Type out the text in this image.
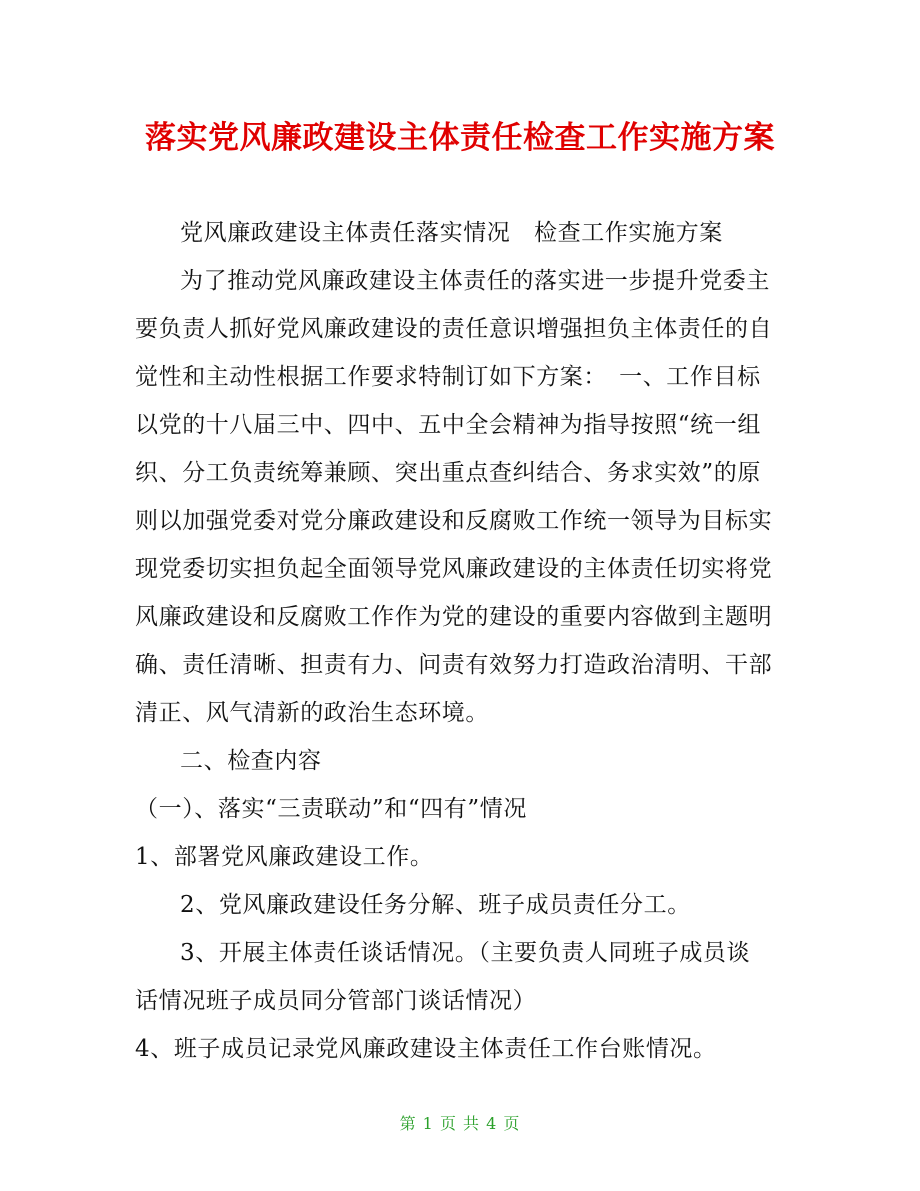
落实党风廉政建设主体责任检查工作实施方案
党风廉政建设主体责任落实情况　检查工作实施方案
为了推动党风廉政建设主体责任的落实进一步提升党委主
要负责人抓好党风廉政建设的责任意识增强担负主体责任的自
觉性和主动性根据工作要求特制订如下方案：　一、工作目标
以党的十八届三中、四中、五中全会精神为指导按照“统一组
织、分工负责统筹兼顾、突出重点查纠结合、务求实效”的原
则以加强党委对党分廉政建设和反腐败工作统一领导为目标实
现党委切实担负起全面领导党风廉政建设的主体责任切实将党
风廉政建设和反腐败工作作为党的建设的重要内容做到主题明
确、责任清晰、担责有力、问责有效努力打造政治清明、干部
清正、风气清新的政治生态环境。
二、检查内容
（一）、落实“三责联动”和“四有”情况
1、部署党风廉政建设工作。
2、党风廉政建设任务分解、班子成员责任分工。
3、开展主体责任谈话情况。（主要负责人同班子成员谈
话情况班子成员同分管部门谈话情况）
4、班子成员记录党风廉政建设主体责任工作台账情况。
第 1 页 共 4 页
